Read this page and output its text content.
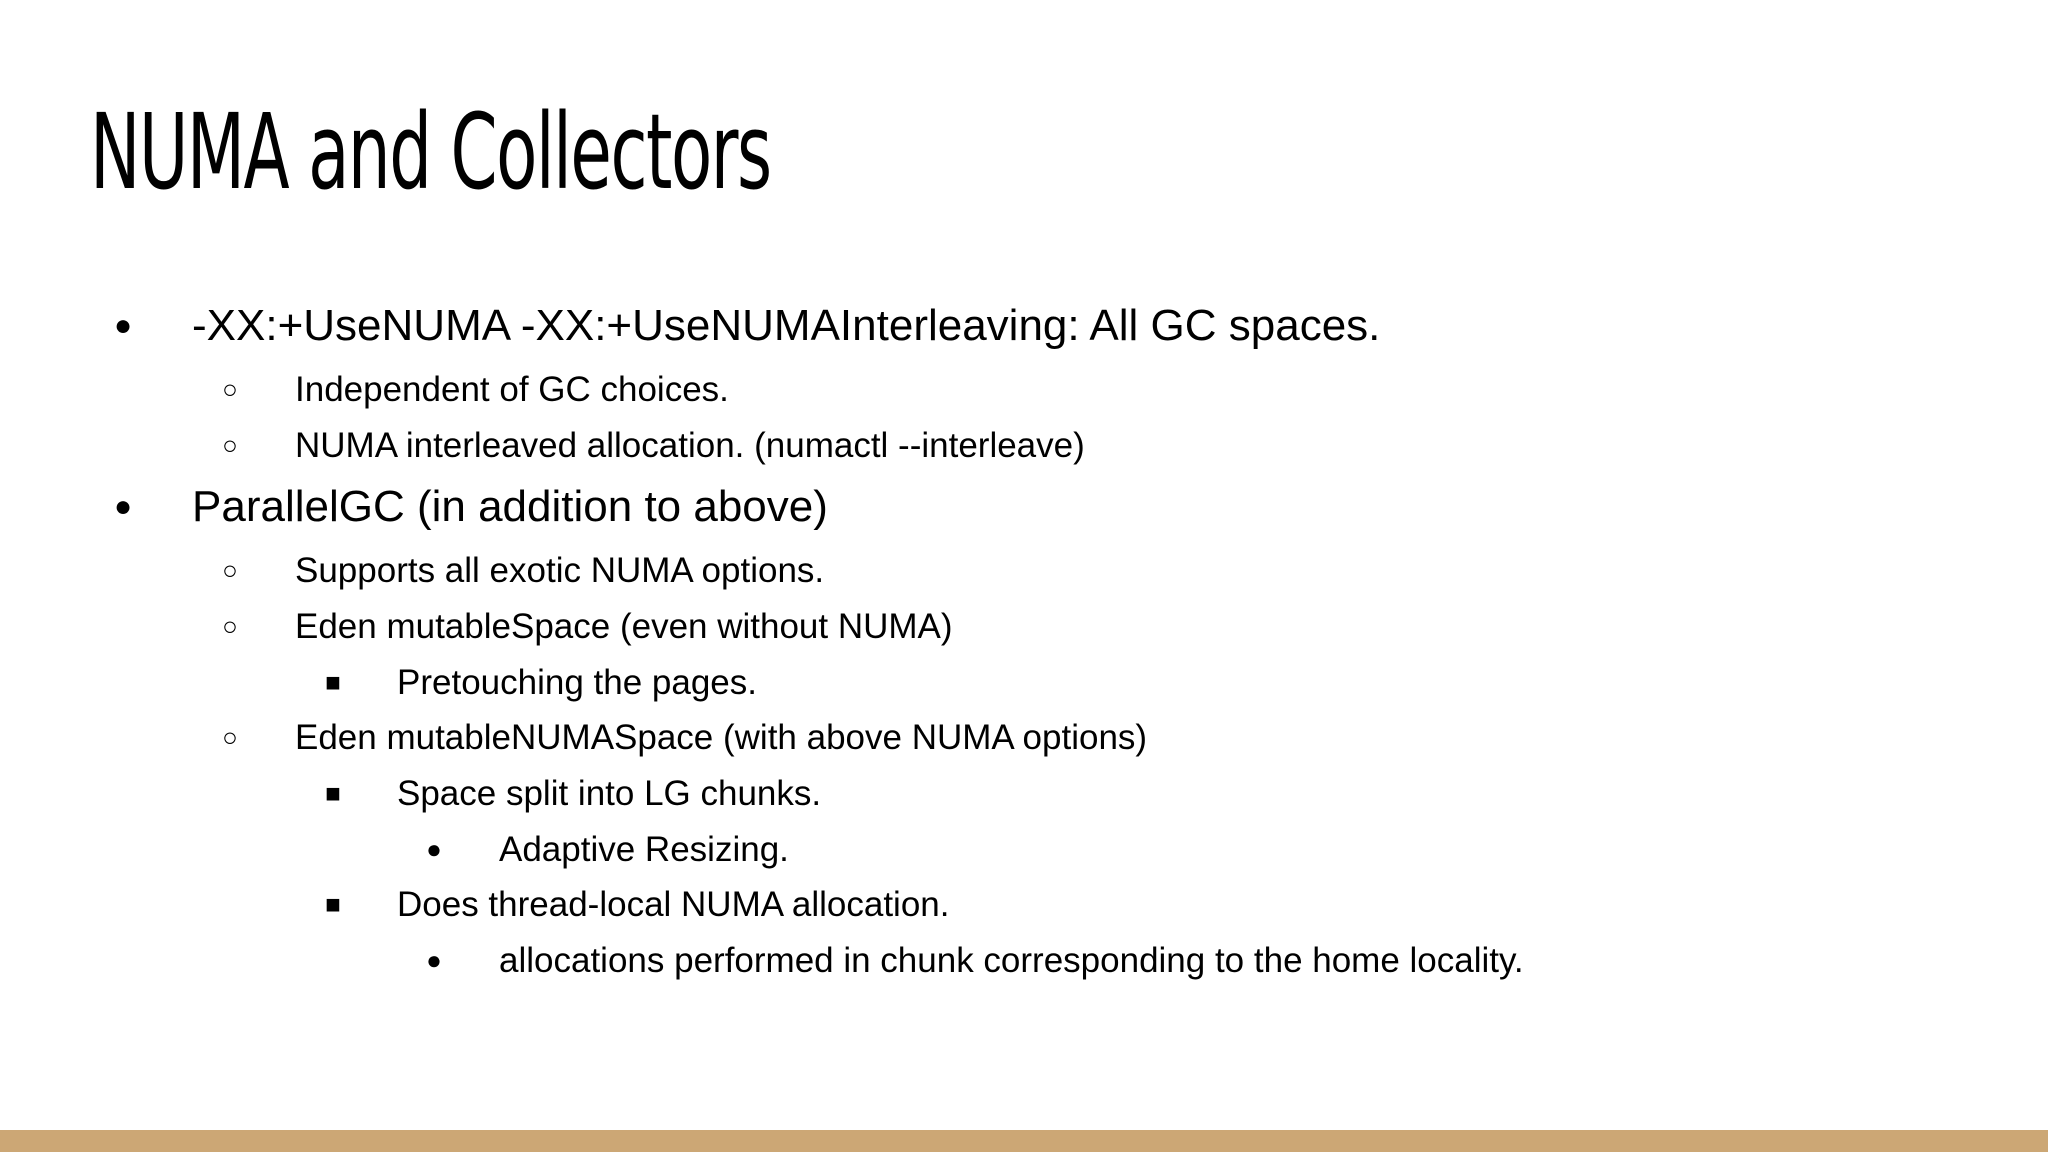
NUMA and Collectors
● -XX:+UseNUMA -XX:+UseNUMAInterleaving: All GC spaces.
○ Independent of GC choices.
○ NUMA interleaved allocation. (numactl --interleave)
● ParallelGC (in addition to above)
○ Supports all exotic NUMA options.
○ Eden mutableSpace (even without NUMA)
■ Pretouching the pages.
○ Eden mutableNUMASpace (with above NUMA options)
■ Space split into LG chunks.
● Adaptive Resizing.
■ Does thread-local NUMA allocation.
● allocations performed in chunk corresponding to the home locality.
